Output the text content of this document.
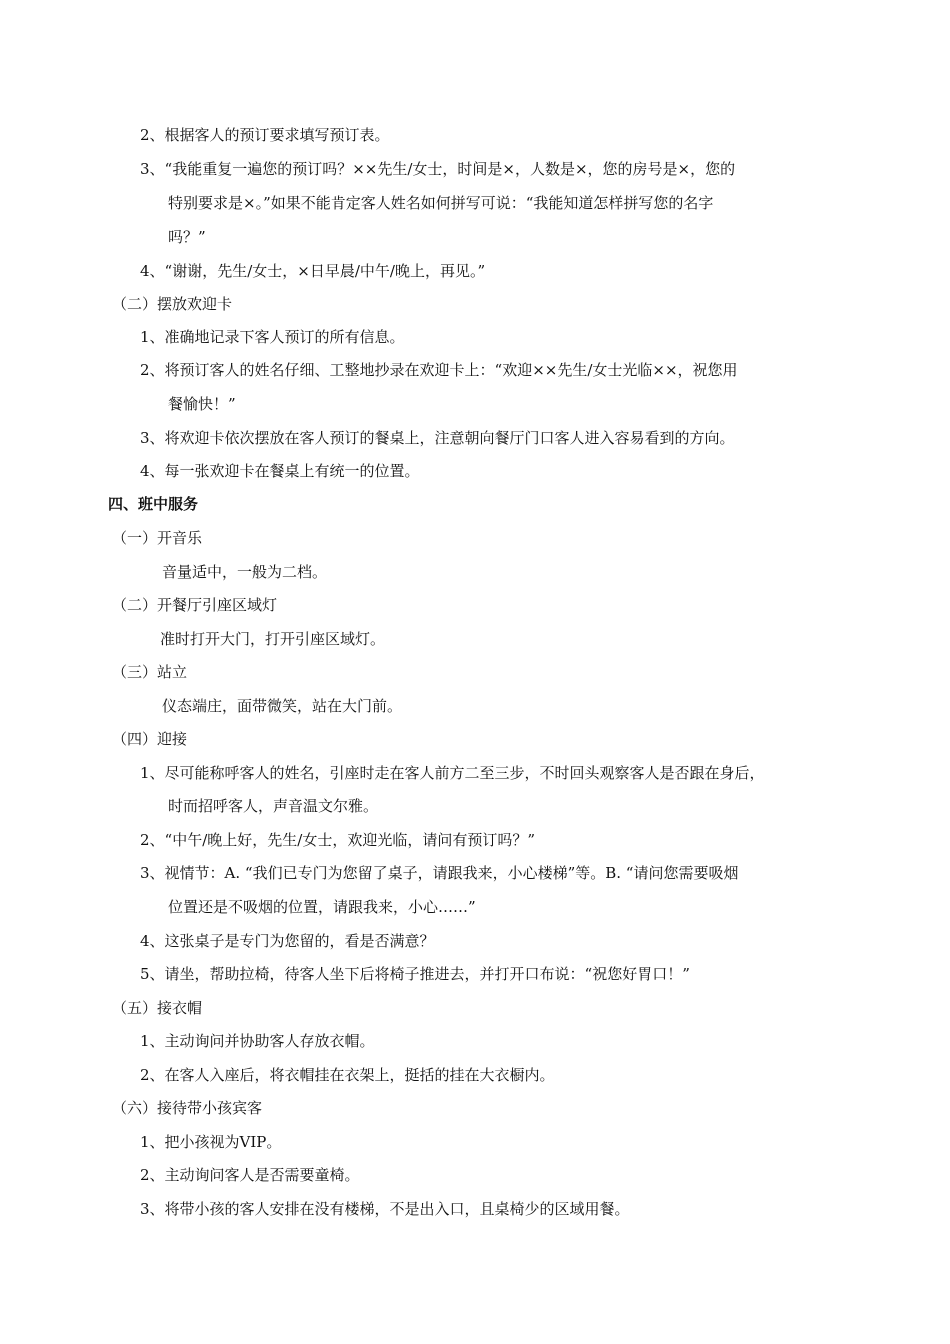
2、根据客人的预订要求填写预订表。
3、“我能重复一遍您的预订吗？××先生/女士，时间是×，人数是×，您的房号是×，您的
特别要求是×。”如果不能肯定客人姓名如何拼写可说：“我能知道怎样拼写您的名字
吗？”
4、“谢谢，先生/女士，×日早晨/中午/晚上，再见。”
（二）摆放欢迎卡
1、准确地记录下客人预订的所有信息。
2、将预订客人的姓名仔细、工整地抄录在欢迎卡上：“欢迎××先生/女士光临××，祝您用
餐愉快！”
3、将欢迎卡依次摆放在客人预订的餐桌上，注意朝向餐厅门口客人进入容易看到的方向。
4、每一张欢迎卡在餐桌上有统一的位置。
四、班中服务
（一）开音乐
音量适中，一般为二档。
（二）开餐厅引座区域灯
准时打开大门，打开引座区域灯。
（三）站立
仪态端庄，面带微笑，站在大门前。
（四）迎接
1、尽可能称呼客人的姓名，引座时走在客人前方二至三步，不时回头观察客人是否跟在身后，
时而招呼客人，声音温文尔雅。
2、“中午/晚上好，先生/女士，欢迎光临，请问有预订吗？”
3、视情节：A. “我们已专门为您留了桌子，请跟我来，小心楼梯”等。B. “请问您需要吸烟
位置还是不吸烟的位置，请跟我来，小心……”
4、这张桌子是专门为您留的，看是否满意？
5、请坐，帮助拉椅，待客人坐下后将椅子推进去，并打开口布说：“祝您好胃口！”
（五）接衣帽
1、主动询问并协助客人存放衣帽。
2、在客人入座后，将衣帽挂在衣架上，挺括的挂在大衣橱内。
（六）接待带小孩宾客
1、把小孩视为VIP。
2、主动询问客人是否需要童椅。
3、将带小孩的客人安排在没有楼梯，不是出入口，且桌椅少的区域用餐。
